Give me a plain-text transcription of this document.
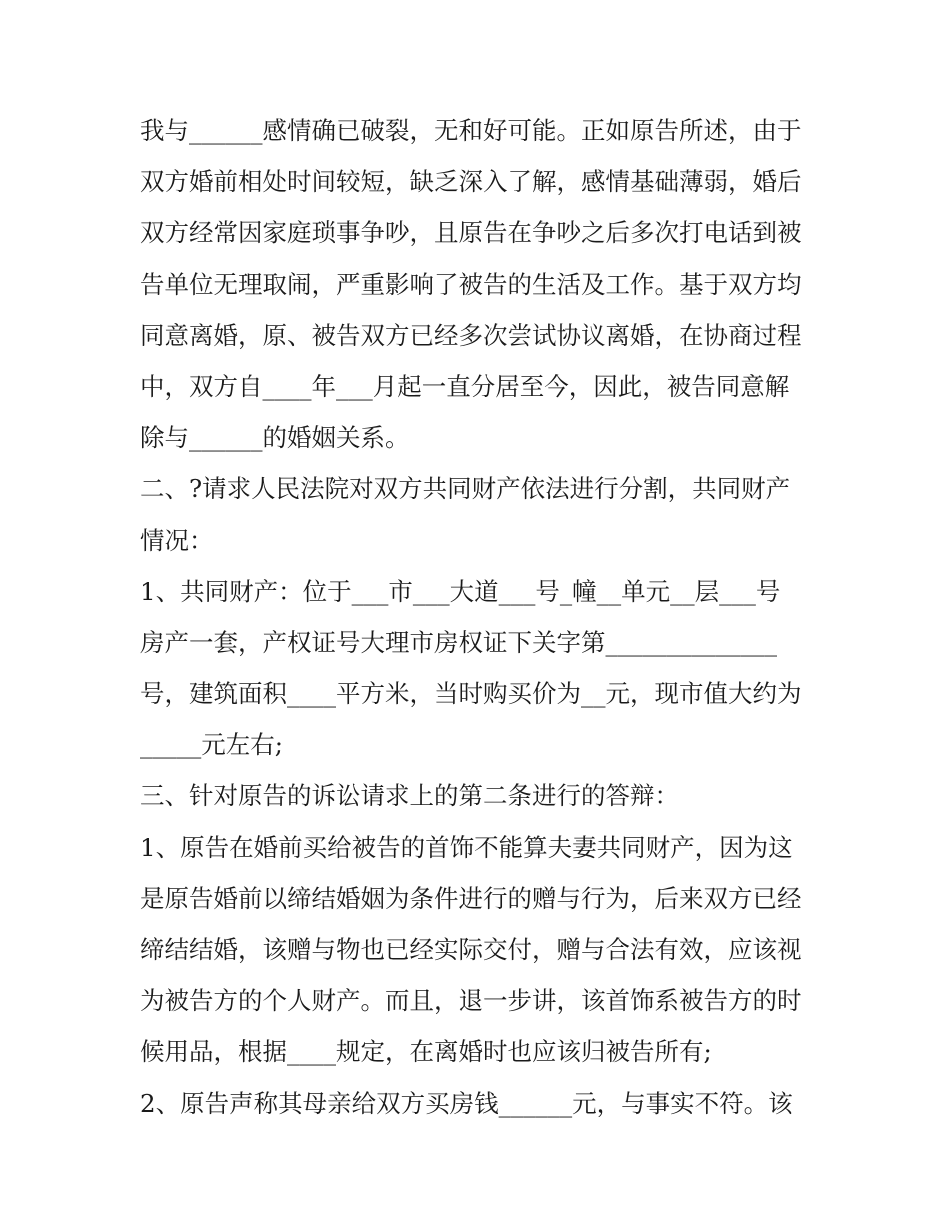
我与______感情确已破裂，无和好可能。正如原告所述，由于
双方婚前相处时间较短，缺乏深入了解，感情基础薄弱，婚后
双方经常因家庭琐事争吵，且原告在争吵之后多次打电话到被
告单位无理取闹，严重影响了被告的生活及工作。基于双方均
同意离婚，原、被告双方已经多次尝试协议离婚，在协商过程
中，双方自____年___月起一直分居至今，因此，被告同意解
除与______的婚姻关系。
二、?请求人民法院对双方共同财产依法进行分割，共同财产
情况：
1、共同财产：位于___市___大道___号_幢__单元__层___号
房产一套，产权证号大理市房权证下关字第______________
号，建筑面积____平方米，当时购买价为__元，现市值大约为
_____元左右;
三、针对原告的诉讼请求上的第二条进行的答辩：
1、原告在婚前买给被告的首饰不能算夫妻共同财产，因为这
是原告婚前以缔结婚姻为条件进行的赠与行为，后来双方已经
缔结结婚，该赠与物也已经实际交付，赠与合法有效，应该视
为被告方的个人财产。而且，退一步讲，该首饰系被告方的时
候用品，根据____规定，在离婚时也应该归被告所有;
2、原告声称其母亲给双方买房钱______元，与事实不符。该
